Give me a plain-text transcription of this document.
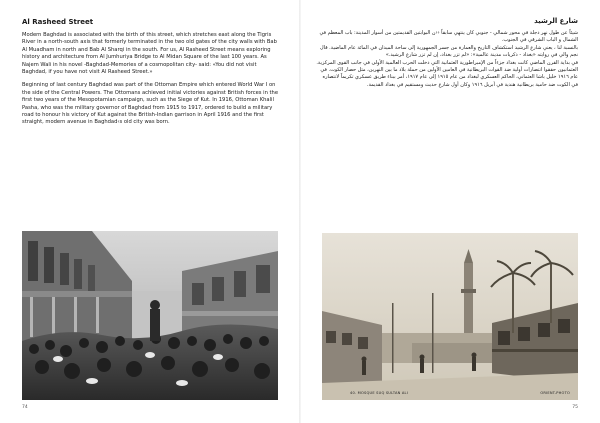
Al Rasheed Street

Modern Baghdad is associated with the birth of this street, which stretches east along the Tigris River in a north-south axis that formerly terminated in the two old gates of the city walls with Bab Al Muadham in north and Bab Al Sharqi in the south. For us, Al Rasheed Street means exploring history and architecture from Al Jumhuriya Bridge to Al Midan Square of the last 100 years. As Najem Wali in his novel -Baghdad-Memories of a cosmopolitan city- said: «You did not visit Baghdad, if you have not visit Al Rasheed Street.»

Beginning of last century Baghdad was part of the Ottoman Empire which entered World War I on the side of the Central Powers. The Ottomans achieved initial victories against British forces in the first two years of the Mesopotamian campaign, such as the Siege of Kut. In 1916, Ottoman Khalil Pasha, who was the military governor of Baghdad from 1915 to 1917, ordered to build a military road to honour his victory of Kut against the British-Indian garrison in April 1916 and the first straight, modern avenue in Baghdad‹s old city was born.

74
شارع الرشيد

شيئاً عن طول نهر دجلة في محور شمالي - جنوبي كان ينتهي سابقاً ‹‹ن البوابتين القديمتين من أسوار المدينة: باب المعظم في الشمال و الباب الشرقي في الجنوب.

بالنسبة لنا ، يعني شارع الرشيد استكشاف التاريخ والعمارة من جسر الجمهورية إلى ساحة الميدان في المائة عام الماضية. قال نجم والي في روايته «بغداد - ذكريات مدينة عالمية»: «لم تزر بغداد، إن لم تزر شارع الرشيد.»

في بداية القرن الماضي كانت بغداد جزءاً من الإمبراطورية العثمانية التي دخلت الحرب العالمية الأولى في جانب القوى المركزية. العثمانيون حققوا انتصارات أولية ضد القوات البريطانية في العامين الأولين من حملة بلاد ما بين النهرين، مثل حصار الكوت. في عام ١٩١٦ خليل باشا العثماني، الحاكم العسكري لبغداد من عام ١٩١٥ إلى عام ١٩١٧، أمر ببناء طريق عسكري تكريماً لانتصاره في الكوت ضد حامية بريطانية هندية في أبريل ١٩١٦ وكان أول شارع حديث ومستقيم في بغداد القديمة.

40. MOSQUE SUQ SULTAN ALI	ORIENT-PHOTO
75
